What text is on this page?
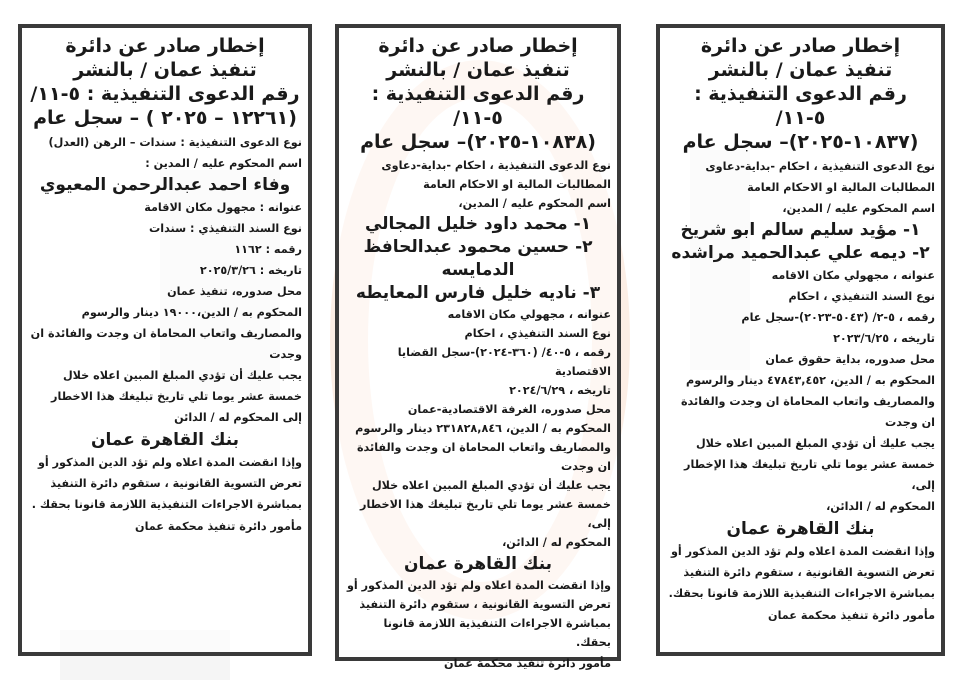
إخطار صادر عن دائرة
تنفيذ عمان / بالنشر
رقم الدعوى التنفيذية : ٥-١١/
(١٢٢٦١ – ٢٠٢٥ ) – سجل عام
نوع الدعوى التنفيذية : سندات – الرهن (العدل)
اسم المحكوم عليه / المدين :
وفاء احمد عبدالرحمن المعيوي
عنوانه : مجهول مكان الاقامة
نوع السند التنفيذي : سندات
رقمه : ١١٦٢
تاريخه : ٢٠٢٥/٣/٢٦
محل صدوره، تنفيذ عمان
المحكوم به / الدين،١٩٠٠٠ دينار والرسوم والمصاريف واتعاب المحاماة ان وجدت والفائدة ان وجدت
يجب عليك أن تؤدي المبلغ المبين اعلاه خلال خمسة عشر يوما تلي تاريخ تبليغك هذا الاخطار إلى المحكوم له / الدائن
بنك القاهرة عمان
وإذا انقضت المدة اعلاه ولم تؤد الدين المذكور أو تعرض التسوية القانونية ، ستقوم دائرة التنفيذ بمباشرة الاجراءات التنفيذية اللازمة قانونا بحقك .
مأمور دائرة تنفيذ محكمة عمان
إخطار صادر عن دائرة
تنفيذ عمان / بالنشر
رقم الدعوى التنفيذية : ٥-١١/
(١٠٨٣٨-٢٠٢٥)– سجل عام
نوع الدعوى التنفيذية ، احكام -بداية-دعاوى المطالبات المالية او الاحكام العامة
اسم المحكوم عليه / المدين،
١- محمد داود خليل المجالي
٢- حسين محمود عبدالحافظ الدمايسه
٣- ناديه خليل فارس المعايطه
عنوانه ، مجهولي مكان الاقامه
نوع السند التنفيذي ، احكام
رقمه ، ٥-٤٠/ (٣٦٠-٢٠٢٤)-سجل القضايا الاقتصادية
تاريخه ، ٢٠٢٤/٦/٢٩
محل صدوره، الغرفة الاقتصادية-عمان
المحكوم به / الدين، ٢٣١٨٢٨,٨٤٦ دينار والرسوم والمصاريف واتعاب المحاماة ان وجدت والفائدة ان وجدت
يجب عليك أن تؤدي المبلغ المبين اعلاه خلال خمسة عشر يوما تلي تاريخ تبليغك هذا الاخطار إلى،
المحكوم له / الدائن،
بنك القاهرة عمان
وإذا انقضت المدة اعلاه ولم تؤد الدين المذكور أو تعرض التسوية القانونية ، ستقوم دائرة التنفيذ بمباشرة الاجراءات التنفيذية اللازمة قانونا بحقك.
مأمور دائرة تنفيذ محكمة عمان
إخطار صادر عن دائرة
تنفيذ عمان / بالنشر
رقم الدعوى التنفيذية : ٥-١١/
(١٠٨٣٧-٢٠٢٥)– سجل عام
نوع الدعوى التنفيذية ، احكام -بداية-دعاوى المطالبات المالية او الاحكام العامة
اسم المحكوم عليه / المدين،
١- مؤيد سليم سالم ابو شريخ
٢- ديمه علي عبدالحميد مراشده
عنوانه ، مجهولي مكان الاقامه
نوع السند التنفيذي ، احكام
رقمه ، ٥-٢/ (٥٠٤٣-٢٠٢٣)-سجل عام
تاريخه ، ٢٠٢٣/٦/٢٥
محل صدوره، بداية حقوق عمان
المحكوم به / الدين، ٤٧٨٤٣,٤٥٢ دينار والرسوم والمصاريف واتعاب المحاماة ان وجدت والفائدة ان وجدت
يجب عليك أن تؤدي المبلغ المبين اعلاه خلال خمسة عشر يوما تلي تاريخ تبليغك هذا الإخطار إلى،
المحكوم له / الدائن،
بنك القاهرة عمان
وإذا انقضت المدة اعلاه ولم تؤد الدين المذكور أو تعرض التسوية القانونية ، ستقوم دائرة التنفيذ بمباشرة الاجراءات التنفيذية اللازمة قانونا بحقك.
مأمور دائرة تنفيذ محكمة عمان
